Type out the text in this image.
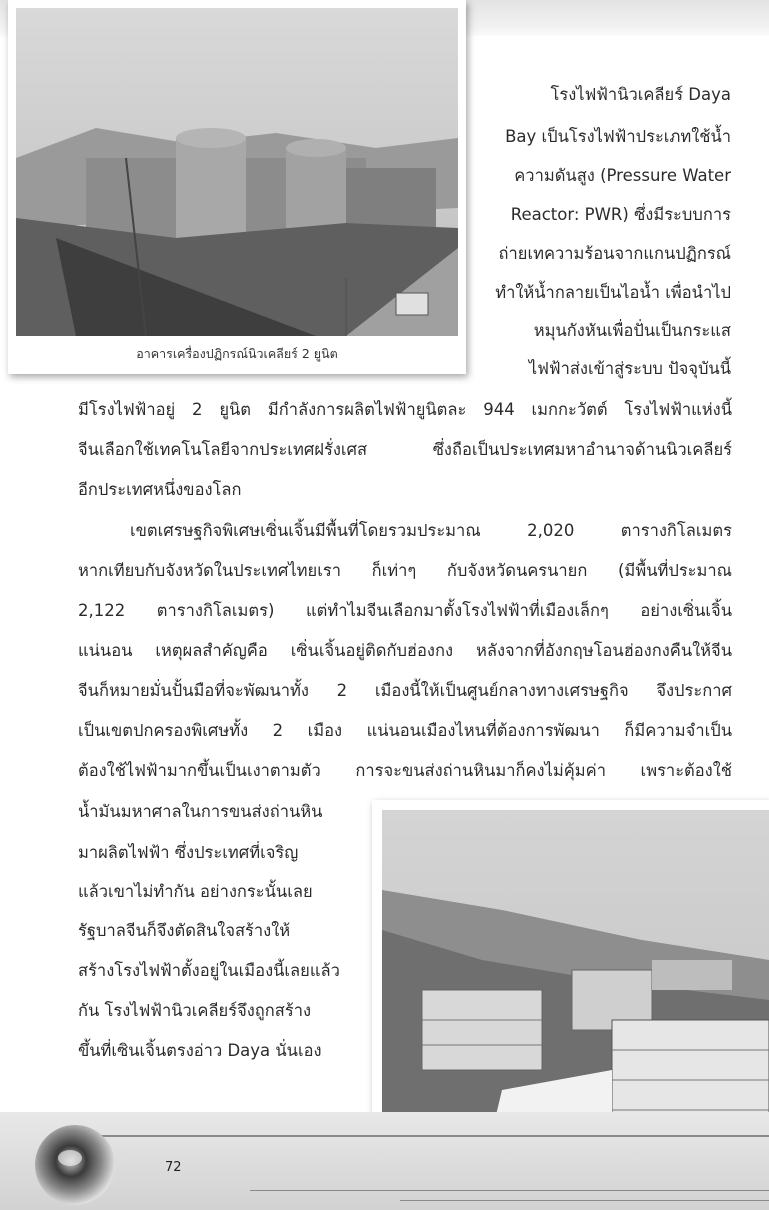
อาคารเครื่องปฏิกรณ์นิวเคลียร์ 2 ยูนิต
โรงไฟฟ้านิวเคลียร์ Daya
Bay เป็นโรงไฟฟ้าประเภทใช้น้ำ
ความดันสูง (Pressure Water
Reactor: PWR) ซึ่งมีระบบการ
ถ่ายเทความร้อนจากแกนปฏิกรณ์
ทำให้น้ำกลายเป็นไอน้ำ เพื่อนำไป
หมุนกังหันเพื่อปั่นเป็นกระแส
ไฟฟ้าส่งเข้าสู่ระบบ ปัจจุบันนี้
มีโรงไฟฟ้าอยู่ 2 ยูนิต มีกำลังการผลิตไฟฟ้ายูนิตละ 944 เมกกะวัตต์ โรงไฟฟ้าแห่งนี้
จีนเลือกใช้เทคโนโลยีจากประเทศฝรั่งเศส ซึ่งถือเป็นประเทศมหาอำนาจด้านนิวเคลียร์
อีกประเทศหนึ่งของโลก
เขตเศรษฐกิจพิเศษเซิ่นเจิ้นมีพื้นที่โดยรวมประมาณ 2,020 ตารางกิโลเมตร
หากเทียบกับจังหวัดในประเทศไทยเรา ก็เท่าๆ กับจังหวัดนครนายก (มีพื้นที่ประมาณ
2,122 ตารางกิโลเมตร) แต่ทำไมจีนเลือกมาตั้งโรงไฟฟ้าที่เมืองเล็กๆ อย่างเซิ่นเจิ้น
แน่นอน เหตุผลสำคัญคือ เซิ่นเจิ้นอยู่ติดกับฮ่องกง หลังจากที่อังกฤษโอนฮ่องกงคืนให้จีน
จีนก็หมายมั่นปั้นมือที่จะพัฒนาทั้ง 2 เมืองนี้ให้เป็นศูนย์กลางทางเศรษฐกิจ จึงประกาศ
เป็นเขตปกครองพิเศษทั้ง 2 เมือง แน่นอนเมืองไหนที่ต้องการพัฒนา ก็มีความจำเป็น
ต้องใช้ไฟฟ้ามากขึ้นเป็นเงาตามตัว การจะขนส่งถ่านหินมาก็คงไม่คุ้มค่า เพราะต้องใช้
น้ำมันมหาศาลในการขนส่งถ่านหิน
มาผลิตไฟฟ้า ซึ่งประเทศที่เจริญ
แล้วเขาไม่ทำกัน อย่างกระนั้นเลย
รัฐบาลจีนก็จึงตัดสินใจสร้างให้
สร้างโรงไฟฟ้าตั้งอยู่ในเมืองนี้เลยแล้ว
กัน โรงไฟฟ้านิวเคลียร์จึงถูกสร้าง
ขึ้นที่เซินเจิ้นตรงอ่าว Daya นั่นเอง
72
